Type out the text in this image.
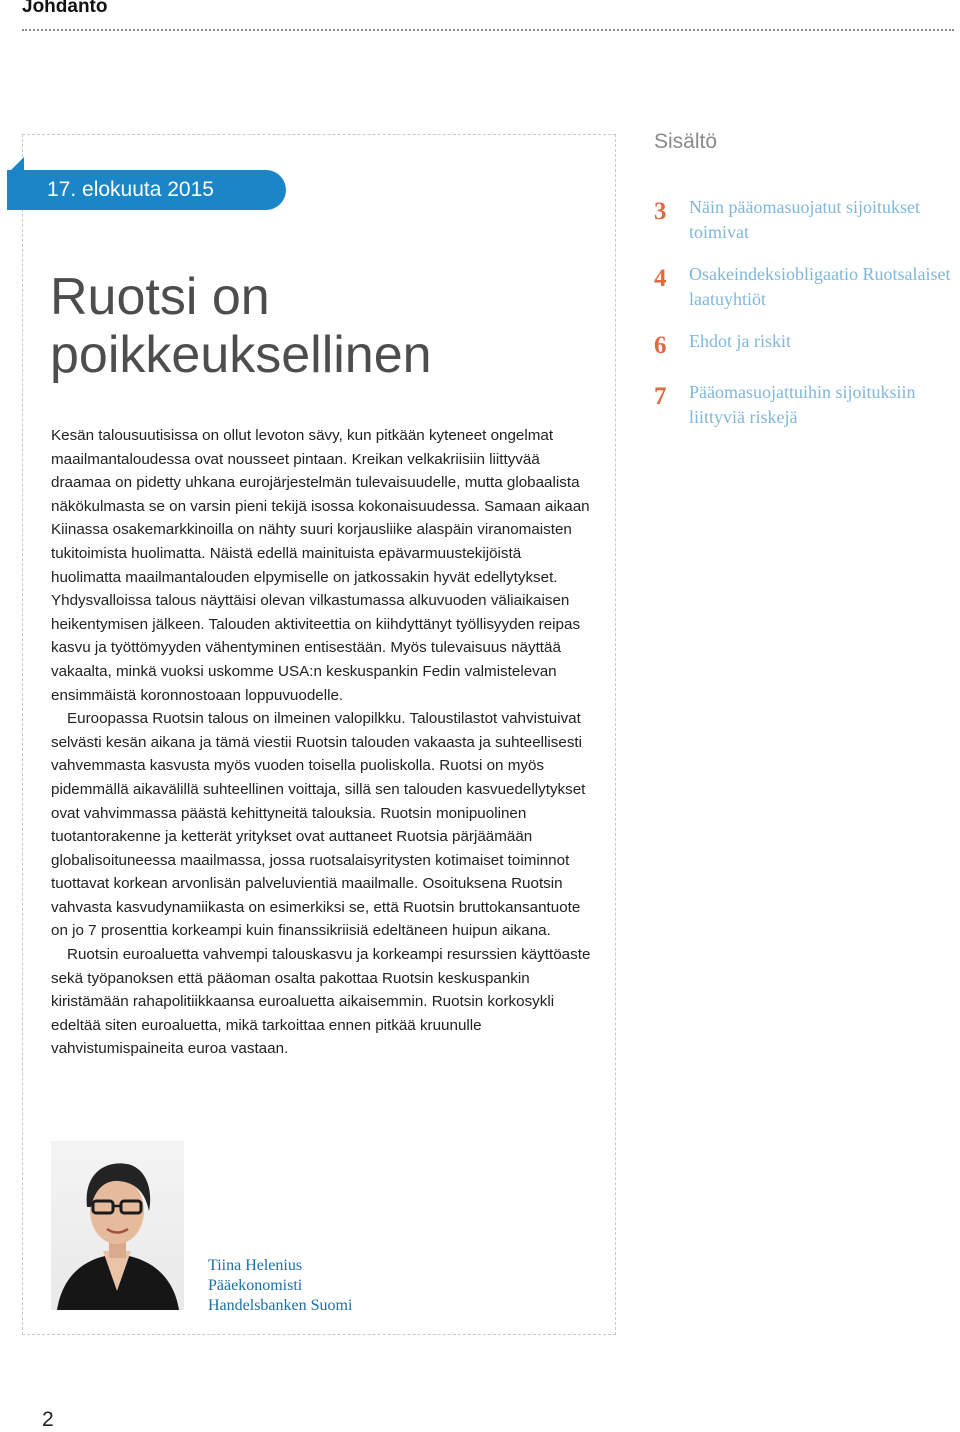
Johdanto
17. elokuuta 2015
Ruotsi on
poikkeuksellinen

Kesän talousuutisissa on ollut levoton sävy, kun pitkään kyteneet ongelmat maailmantaloudessa ovat nousseet pintaan. Kreikan velkakriisiin liittyvää draamaa on pidetty uhkana eurojärjestelmän tulevaisuudelle, mutta globaalista näkökulmasta se on varsin pieni tekijä isossa kokonaisuudessa. Samaan aikaan Kiinassa osakemarkkinoilla on nähty suuri korjausliike alaspäin viranomaisten tukitoimista huolimatta. Näistä edellä mainituista epävarmuustekijöistä huolimatta maailmantalouden elpymiselle on jatkossakin hyvät edellytykset. Yhdysvalloissa talous näyttäisi olevan vilkastumassa alkuvuoden väliaikaisen heikentymisen jälkeen. Talouden aktiviteettia on kiihdyttänyt työllisyyden reipas kasvu ja työttömyyden vähentyminen entisestään. Myös tulevaisuus näyttää vakaalta, minkä vuoksi uskomme USA:n keskuspankin Fedin valmistelevan ensimmäistä koronnostoaan loppuvuodelle.

Euroopassa Ruotsin talous on ilmeinen valopilkku. Taloustilastot vahvistuivat selvästi kesän aikana ja tämä viestii Ruotsin talouden vakaasta ja suhteellisesti vahvemmasta kasvusta myös vuoden toisella puoliskolla. Ruotsi on myös pidemmällä aikavälillä suhteellinen voittaja, sillä sen talouden kasvuedellytykset ovat vahvimmassa päästä kehittyneitä talouksia. Ruotsin monipuolinen tuotantorakenne ja ketterät yritykset ovat auttaneet Ruotsia pärjäämään globalisoituneessa maailmassa, jossa ruotsalaisyritysten kotimaiset toiminnot tuottavat korkean arvonlisän palveluvientiä maailmalle. Osoituksena Ruotsin vahvasta kasvudynamiikasta on esimerkiksi se, että Ruotsin bruttokansantuote on jo 7 prosenttia korkeampi kuin finanssikriisiä edeltäneen huipun aikana.

Ruotsin euroaluetta vahvempi talouskasvu ja korkeampi resurssien käyttöaste sekä työpanoksen että pääoman osalta pakottaa Ruotsin keskuspankin kiristämään rahapolitiikkaansa euroaluetta aikaisemmin. Ruotsin korkosykli edeltää siten euroaluetta, mikä tarkoittaa ennen pitkää kruunulle vahvistumispaineita euroa vastaan.

Tiina Helenius
Pääekonomisti
Handelsbanken Suomi
Sisältö
3	Näin pääomasuojatut sijoitukset toimivat
4	Osakeindeksiobligaatio Ruotsalaiset laatuyhtiöt
6	Ehdot ja riskit
7	Pääomasuojattuihin sijoituksiin liittyviä riskejä
2
